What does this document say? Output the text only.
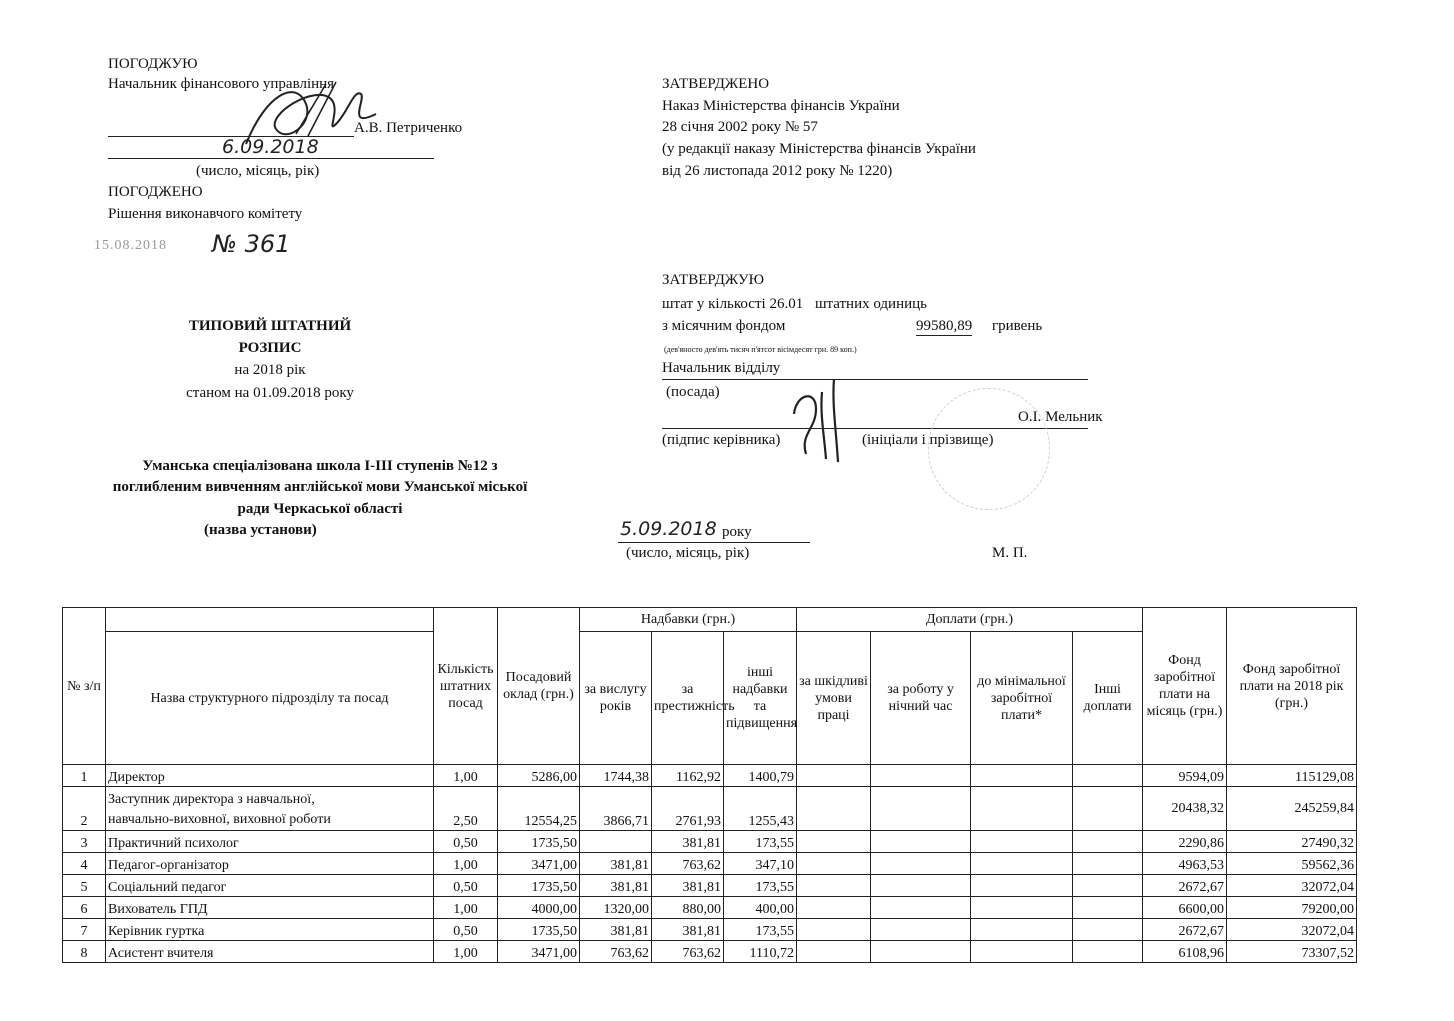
ПОГОДЖУЮ
Начальник фінансового управління
А.В. Петриченко
6.09.2018
(число, місяць, рік)
ПОГОДЖЕНО
Рішення виконавчого комітету
15.08.2018 № 361
ЗАТВЕРДЖЕНО
Наказ Міністерства фінансів України
28 січня 2002 року № 57
(у редакції наказу Міністерства фінансів України
від 26 листопада 2012 року № 1220)
ЗАТВЕРДЖУЮ
штат у кількості 26.01 штатних одиниць
з місячним фондом	99580,89 гривень
(дев'яносто дев'ять тисяч п'ятсот вісімдесят грн. 89 коп.)
Начальник відділу
(посада)
О.І. Мельник
(підпис керівника)	(ініціали і прізвище)
5.09.2018 року
(число, місяць, рік)	М. П.
ТИПОВИЙ ШТАТНИЙ
РОЗПИС
на 2018 рік
станом на 01.09.2018 року
Уманська спеціалізована школа І-ІІІ ступенів №12 з
поглибленим вивченням англійської мови Уманської міської
ради Черкаської області
(назва установи)
№ з/п		Кількість штатних посад	Посадовий оклад (грн.)	Надбавки (грн.)			Доплати (грн.)				Фонд заробітної плати на місяць (грн.)	Фонд заробітної плати на 2018 рік (грн.)
	Назва структурного підрозділу та посад			за вислугу років	за престижність	інші надбавки та підвищення	за шкідливі умови праці	за роботу у нічний час	до мінімальної заробітної плати*	Інші доплати		
1	Директор	1,00	5286,00	1744,38	1162,92	1400,79					9594,09	115129,08
2	Заступник директора з навчальної,
навчально-виховної, виховної роботи	2,50	12554,25	3866,71	2761,93	1255,43					20438,32	245259,84
3	Практичний психолог	0,50	1735,50		381,81	173,55					2290,86	27490,32
4	Педагог-організатор	1,00	3471,00	381,81	763,62	347,10					4963,53	59562,36
5	Соціальний педагог	0,50	1735,50	381,81	381,81	173,55					2672,67	32072,04
6	Вихователь ГПД	1,00	4000,00	1320,00	880,00	400,00					6600,00	79200,00
7	Керівник гуртка	0,50	1735,50	381,81	381,81	173,55					2672,67	32072,04
8	Асистент вчителя	1,00	3471,00	763,62	763,62	1110,72					6108,96	73307,52
